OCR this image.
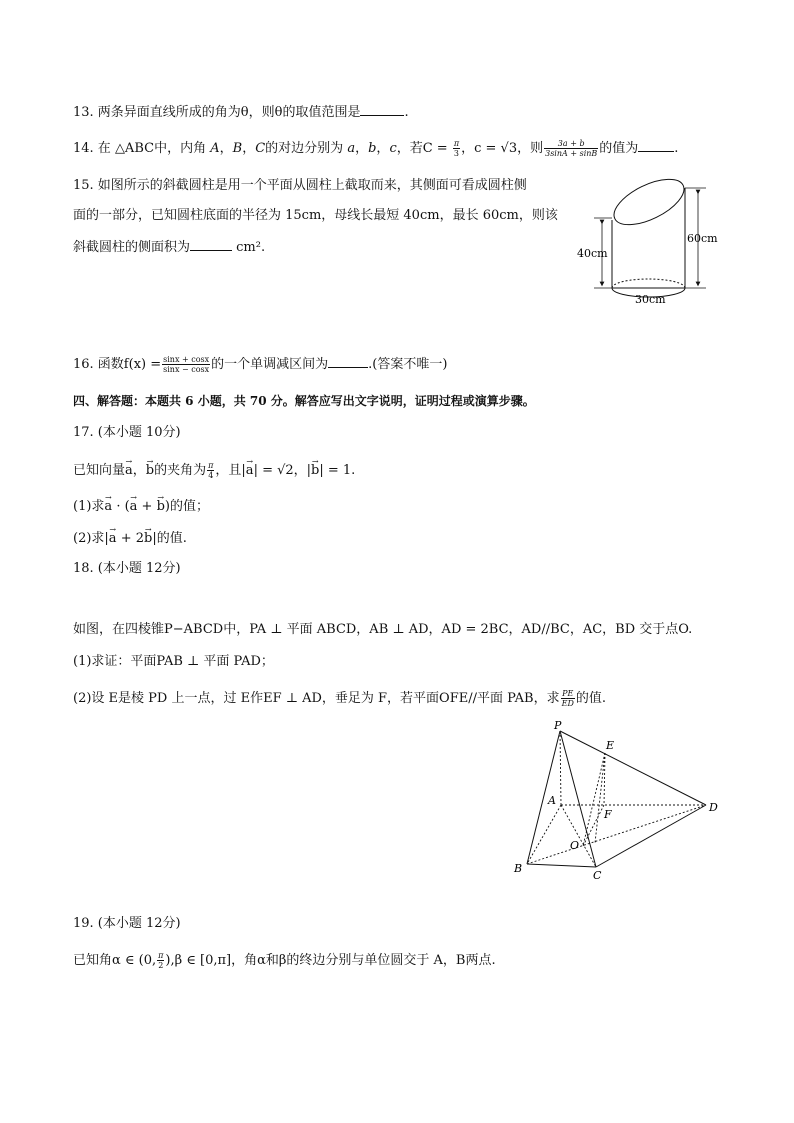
13. 两条异面直线所成的角为θ，则θ的取值范围是	.
14. 在 △ABC中，内角 A，B，C的对边分别为 a，b，c，若$C = \frac{\pi}{3}$ ，c = √3，则 $\frac{3a + b}{3\sin A + \sin B}$ 的值为	.
15. 如图所示的斜截圆柱是用一个平面从圆柱上截取而来，其侧面可看成圆柱侧
面的一部分，已知圆柱底面的半径为 15cm，母线长最短 40cm，最长 60cm，则该
斜截圆柱的侧面积为	cm².	40cm
60cm
30cm
16. 函数$f(x) = \frac{\sin x + \cos x}{\sin x - \cos x}$ 的一个单调减区间为	.(答案不唯一)
四、解答题：本题共 6 小题，共 70 分。解答应写出文字说明，证明过程或演算步骤。
17. (本小题 10分)
已知向量→ a，→ b的夹角为 $\frac{\pi}{4}$ ，且|→ a| = √2，|→ b| = 1.
(1)求→ a · (→ a + → b)的值；
(2)求|→ a + 2→ b|的值.
18. (本小题 12分)
如图，在四棱锥P−ABCD中，PA ⊥ 平面 ABCD，AB ⊥ AD，AD = 2BC，AD//BC，AC，BD 交于点O.
(1)求证：平面PAB ⊥ 平面 PAD；
(2)设 E是棱 PD 上一点，过 E作EF ⊥ AD，垂足为 F，若平面OFE//平面 PAB，求 $\frac{PE}{ED}$ 的值.
P
E
A
F
D
O
B
C
19. (本小题 12分)
已知角α ∈ (0, $\frac{\pi}{2} ),\beta$ ∈ [0,π]，角α和β的终边分别与单位圆交于 A，B两点.
